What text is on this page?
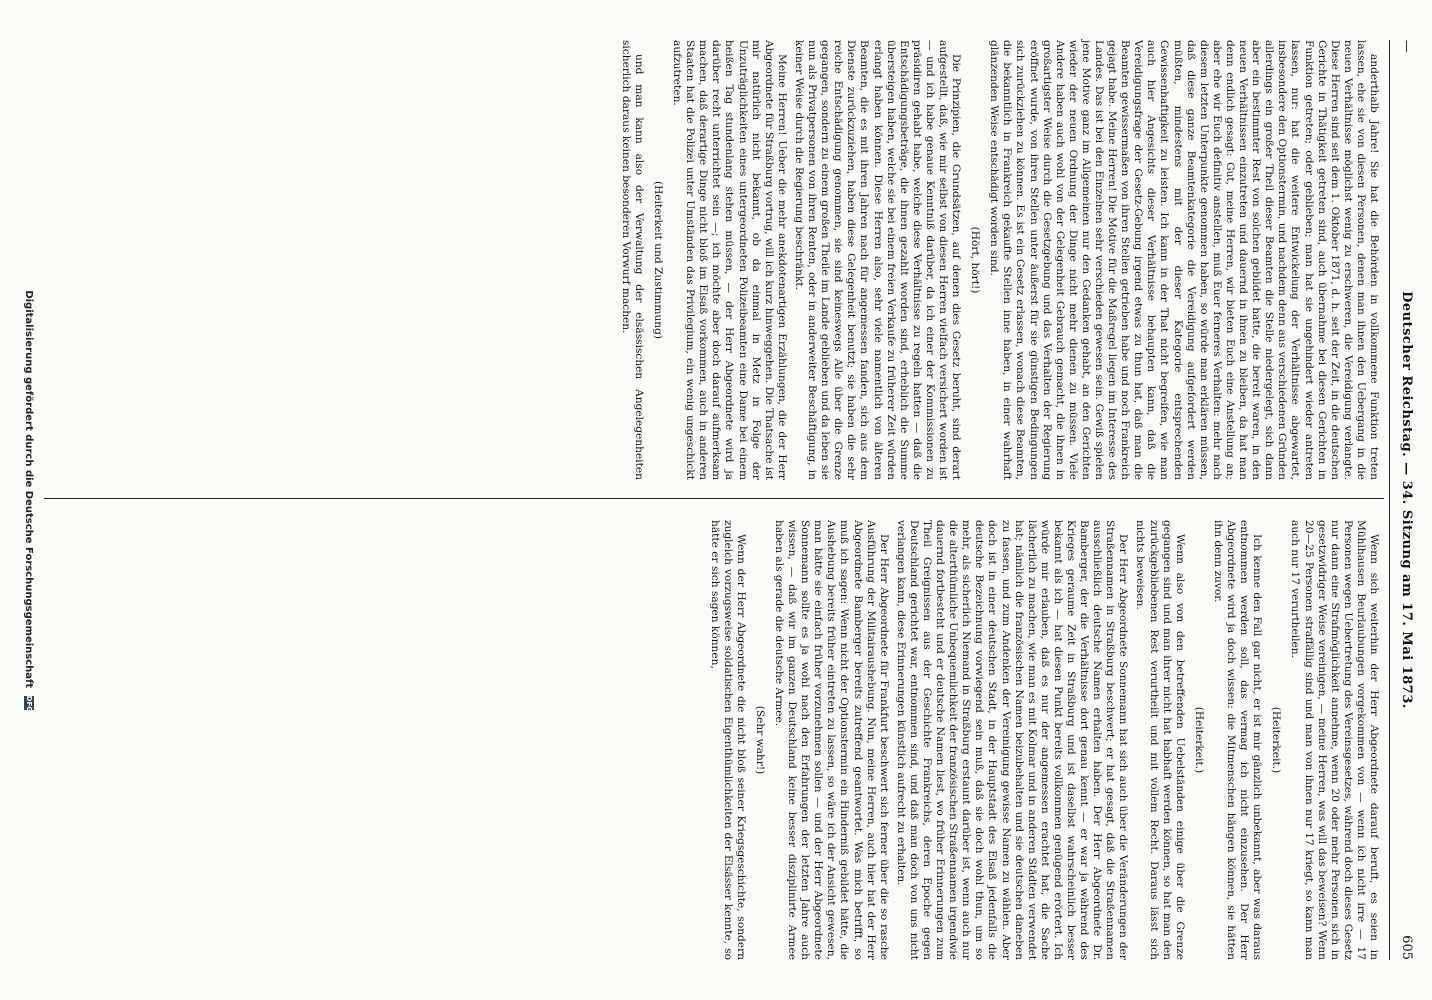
—
Deutscher Reichstag. — 34. Sitzung am 17. Mai 1873.
605

anderthalb Jahre! Sie hat die Behörden in vollkommene Funktion treten lassen, ehe sie von diesen Personen, denen man ihnen den Uebergang in die neuen Verhältnisse möglichst wenig zu erschweren, die Vereidigung verlangte. Diese Herren sind seit dem 1. Oktober 1871, d. h. seit der Zeit, in die deutschen Gerichte in Thätigkeit getreten sind, auch übernahme bei diesen Gerichten in Funktion getreten; oder geblieben; man hat sie ungehindert wieder antreten lassen, nur: hat die weitere Entwickelung der Verhältnisse abgewartet, insbesondere den Optionstermin, und nachdem denn aus verschiedenen Gründen allerdings ein großer Theil dieser Beamten die Stelle niedergelegt, sich dann aber ein bestimmter Rest von solchen gebildet hatte, die bereit waren, in den neuen Verhältnissen einzutreten und dauernd in ihnen zu bleiben, da hat man denn endlich gesagt: Gut, meine Herren, wir bieten Euch eine Anstellung an; aber ehe wir Euch definitiv anstellen, muß Euer ferneres Verhalten: mehr nach diesem letzten Unterpunkte genommen haben, so würde man erklären müssen, daß diese ganze Beamtenkategorie die Vereidigung aufgefordert werden müßten, mindestens mit der dieser Kategorie entsprechenden Gewissenhaftigkeit zu leisten. Ich kann in der That nicht begreifen, wie man auch hier Angesichts dieser Verhältnisse behaupten kann, daß die Vereidigungsfrage der Gesetz-Gebung irgend etwas zu thun hat, daß man die Beamten gewissermaßen von ihren Stellen getrieben habe und noch Frankreich gejagt habe. Meine Herren! Die Motive für die Maßregel liegen im Interesse des Landes. Das ist bei den Einzelnen sehr verschieden gewesen sein. Gewiß spielen jene Motive ganz im Allgemeinen nur den Gedanken gehabt, an den Gerichten wieder der neuen Ordnung der Dinge nicht mehr dienen zu müssen. Viele Andere haben auch wohl von der Gelegenheit Gebrauch gemacht, die ihnen in großartigster Weise durch die Gesetzgebung und das Verhalten der Regierung eröffnet wurde, von ihren Stellen unter äußerst für sie günstigen Bedingungen sich zurückziehen zu können. Es ist ein Gesetz erlassen, wonach diese Beamten, die bekanntlich in Frankreich gekaufte Stellen inne haben, in einer wahrhaft glänzenden Weise entschädigt worden sind.

(Hört, hört!)

Die Prinzipien, die Grundsätzen, auf denen dies Gesetz beruht, sind derart aufgestellt, daß, wie mir selbst von diesen Herren vielfach versichert worden ist — und ich habe genaue Kenntniß darüber, da ich einer der Kommissionen zu präsidiren gehabt habe, welche diese Verhältnisse zu regeln hatten — daß die Entschädigungsbeträge, die ihnen gezahlt worden sind, erheblich die Summe übersteigen haben, welche sie bei einem freien Verkaufe zu früherer Zeit würden erlangt haben können. Diese Herren also, sehr viele namentlich von älteren Beamten, die es mit ihren Jahren nach für angemessen fanden, sich aus dem Dienste zurückzuziehen, haben diese Gelegenheit benutzt; sie haben die sehr reiche Entschädigung genommen, sie sind keineswegs Alle über die Grenze gegangen, sondern zu einem großen Theile im Lande geblieben und da leben sie nun als Privatpersonen von ihren Renten, oder in anderweiter Beschäftigung, in keiner Weise durch die Regierung beschränkt.

Meine Herren! Ueber die mehr anekdotenartigen Erzählungen, die der Herr Abgeordnete für Straßburg vortrug, will ich kurz hinweggehen. Die Thatsache ist mir natürlich nicht bekannt, ob da einmal in Metz in Folge der Unzuträglichkeiten eines untergeordneten Polizeibeamten eine Dame bei einem heißen Tag stundenlang stehen müssen, — der Herr Abgeordnete wird ja darüber recht unterrichtet sein —; ich möchte aber doch darauf aufmerksam machen, daß derartige Dinge nicht bloß im Elsaß vorkommen, auch in anderen Staaten hat die Polizei unter Umständen das Privilegium, ein wenig ungeschickt aufzutreten.

(Heiterkeit und Zustimmung)

und man kann also der Verwaltung der elsässischen Angelegenheiten sicherlich daraus keinen besonderen Vorwurf machen.

Wenn sich weiterhin der Herr Abgeordnete darauf beruft, es seien in Mühlhausen Beurlaubungen vorgekommen von — wenn ich nicht irre — 17 Personen wegen Uebertretung des Vereinsgesetzes, während doch dieses Gesetz nur dann eine Strafmöglichkeit annehme, wenn 20 oder mehr Personen sich in gesetzwidriger Weise vereinigen, — meine Herren, was will das beweisen? Wenn 20—25 Personen straffällig sind und man von ihnen nur 17 kriegt, so kann man auch nur 17 verurtheilen.

(Heiterkeit.)

Ich kenne den Fall gar nicht, er ist mir gänzlich unbekannt, aber was daraus entnommen werden soll, das vermag ich nicht einzusehen. Der Herr Abgeordnete wird ja doch wissen: die Mitmenschen hängen können, sie hätten ihn denn zuvor.

(Heiterkeit.)

Wenn also von den betreffenden Uebelständen einige über die Grenze gegangen sind und man ihrer nicht hat habhaft werden können, so hat man den zurückgebliebenen Rest verurtheilt und mit vollem Recht. Daraus lässt sich nichts beweisen.

Der Herr Abgeordnete Sonnemann hat sich auch über die Veränderungen der Straßennamen in Straßburg beschwert; er hat gesagt, daß die Straßennamen ausschließlich deutsche Namen erhalten haben. Der Herr Abgeordnete Dr. Bamberger, der die Verhältnisse dort genau kennt — er war ja während des Krieges geraume Zeit in Straßburg und ist daselbst wahrscheinlich besser bekannt als ich — hat diesen Punkt bereits vollkommen genügend erörtert. Ich würde mir erlauben, daß es nur der angemessen erachtet hat, die Sache lächerlich zu machen, wie man es mit Kolmar und in anderen Städten verwendet hat; nämlich die französischen Namen beizubehalten und sie deutschen daneben zu fassen, und zum Andenken der Vereinigung gewisse Namen zu wählen. Aber doch ist in einer deutschen Stadt, in der Hauptstadt des Elsaß jedenfalls die deutsche Bezeichnung vorwiegend sein muß, daß sie doch wohl thun, um so mehr, als sicherlich Niemand in Straßburg erstaunt darüber ist, wenn auch nur die alterthümliche Unbequemlichkeit der französischen Straßennamen irgendwie dauernd fortbesteht und er deutsche Namen liest, wo früher Erinnerungen zum Theil Greignissen aus der Geschichte Frankreichs, deren Epoche gegen Deutschland gerichtet war, entnommen sind, und daß man doch von uns nicht verlangen kann, diese Erinnerungen künstlich aufrecht zu erhalten.

Der Herr Abgeordnete für Frankfurt beschwert sich ferner über die so rasche Ausführung der Militairaushebung. Nun, meine Herren, auch hier hat der Herr Abgeordnete Bamberger bereits zutreffend geantwortet. Was mich betrifft, so muß ich sagen: Wenn nicht der Optionstermin ein Hinderniß gebildet hätte, die Aushebung bereits früher eintreten zu lassen, so wäre ich der Ansicht gewesen, man hätte sie einfach früher vorzunehmen sollen — und der Herr Abgeordnete Sonnemann sollte es ja wohl nach den Erfahrungen der letzten Jahre auch wissen, — daß wir im ganzen Deutschland keine besser disziplinirte Armee haben als gerade die deutsche Armee.

(Sehr wahr!)

Wenn der Herr Abgeordnete die nicht bloß seiner Kriegsgeschichte, sondern zugleich vorzugsweise soldatischen Eigenthümlichkeiten der Elsässer kennte, so hätte er sich sagen können,

Digitalisierung gefördert durch die Deutsche Forschungsgemeinschaft DFG
